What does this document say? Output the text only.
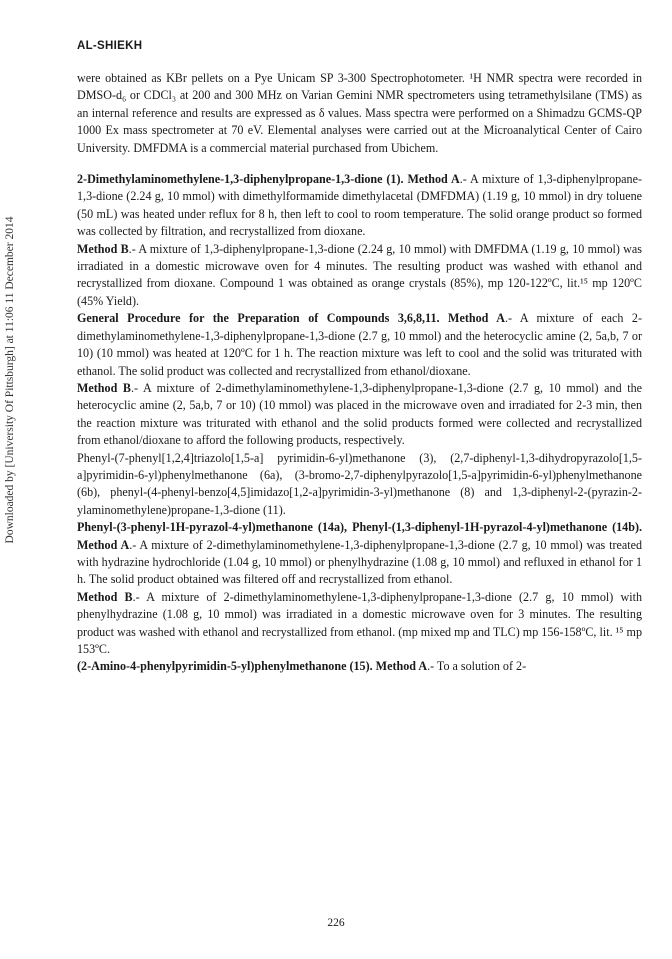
AL-SHIEKH
Downloaded by [University Of Pittsburgh] at 11:06 11 December 2014

were obtained as KBr pellets on a Pye Unicam SP 3-300 Spectrophotometer. ¹H NMR spectra were recorded in DMSO-d₆ or CDCl₃ at 200 and 300 MHz on Varian Gemini NMR spectrometers using tetramethylsilane (TMS) as an internal reference and results are expressed as δ values. Mass spectra were performed on a Shimadzu GCMS-QP 1000 Ex mass spectrometer at 70 eV. Elemental analyses were carried out at the Microanalytical Center of Cairo University. DMFDMA is a commercial material purchased from Ubichem.

2-Dimethylaminomethylene-1,3-diphenylpropane-1,3-dione (1). Method A.- A mixture of 1,3-diphenylpropane-1,3-dione (2.24 g, 10 mmol) with dimethylformamide dimethylacetal (DMFDMA) (1.19 g, 10 mmol) in dry toluene (50 mL) was heated under reflux for 8 h, then left to cool to room temperature. The solid orange product so formed was collected by filtration, and recrystallized from dioxane.

Method B.- A mixture of 1,3-diphenylpropane-1,3-dione (2.24 g, 10 mmol) with DMFDMA (1.19 g, 10 mmol) was irradiated in a domestic microwave oven for 4 minutes. The resulting product was washed with ethanol and recrystallized from dioxane. Compound 1 was obtained as orange crystals (85%), mp 120-122ºC, lit.¹⁵ mp 120ºC (45% Yield).

General Procedure for the Preparation of Compounds 3,6,8,11. Method A.- A mixture of each 2-dimethylaminomethylene-1,3-diphenylpropane-1,3-dione (2.7 g, 10 mmol) and the heterocyclic amine (2, 5a,b, 7 or 10) (10 mmol) was heated at 120ºC for 1 h. The reaction mixture was left to cool and the solid was triturated with ethanol. The solid product was collected and recrystallized from ethanol/dioxane.

Method B.- A mixture of 2-dimethylaminomethylene-1,3-diphenylpropane-1,3-dione (2.7 g, 10 mmol) and the heterocyclic amine (2, 5a,b, 7 or 10) (10 mmol) was placed in the microwave oven and irradiated for 2-3 min, then the reaction mixture was triturated with ethanol and the solid products formed were collected and recrystallized from ethanol/dioxane to afford the following products, respectively.

Phenyl-(7-phenyl[1,2,4]triazolo[1,5-a] pyrimidin-6-yl)methanone (3), (2,7-diphenyl-1,3-dihydropyrazolo[1,5-a]pyrimidin-6-yl)phenylmethanone (6a), (3-bromo-2,7-diphenylpyrazolo[1,5-a]pyrimidin-6-yl)phenylmethanone (6b), phenyl-(4-phenyl-benzo[4,5]imidazo[1,2-a]pyrimidin-3-yl)methanone (8) and 1,3-diphenyl-2-(pyrazin-2-ylaminomethylene)propane-1,3-dione (11).

Phenyl-(3-phenyl-1H-pyrazol-4-yl)methanone (14a), Phenyl-(1,3-diphenyl-1H-pyrazol-4-yl)methanone (14b). Method A.- A mixture of 2-dimethylaminomethylene-1,3-diphenylpropane-1,3-dione (2.7 g, 10 mmol) was treated with hydrazine hydrochloride (1.04 g, 10 mmol) or phenylhydrazine (1.08 g, 10 mmol) and refluxed in ethanol for 1 h. The solid product obtained was filtered off and recrystallized from ethanol.

Method B.- A mixture of 2-dimethylaminomethylene-1,3-diphenylpropane-1,3-dione (2.7 g, 10 mmol) with phenylhydrazine (1.08 g, 10 mmol) was irradiated in a domestic microwave oven for 3 minutes. The resulting product was washed with ethanol and recrystallized from ethanol. (mp mixed mp and TLC) mp 156-158ºC, lit. ¹⁵ mp 153ºC.

(2-Amino-4-phenylpyrimidin-5-yl)phenylmethanone (15). Method A.- To a solution of 2-

226
